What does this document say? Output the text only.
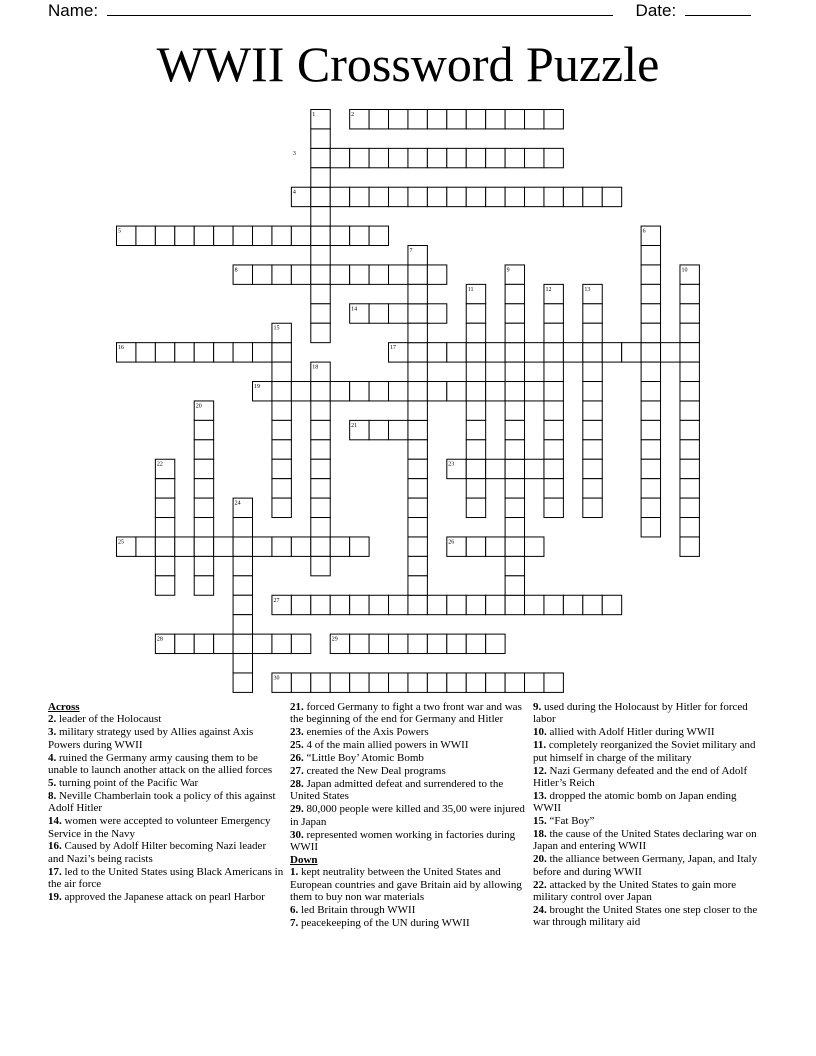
Name:	Date:
WWII Crossword Puzzle
1	2
3
4
5	6
7
8	9	10
11	12	13
14
15
16	17
18
19
20
21
22	23
24
25	26
27
28	29
30
Across
2. leader of the Holocaust
3. military strategy used by Allies against Axis Powers during WWII
4. ruined the Germany army causing them to be unable to launch another attack on the allied forces
5. turning point of the Pacific War
8. Neville Chamberlain took a policy of this against Adolf Hitler
14. women were accepted to volunteer Emergency Service in the Navy
16. Caused by Adolf Hilter becoming Nazi leader and Nazi’s being racists
17. led to the United States using Black Americans in the air force
19. approved the Japanese attack on pearl Harbor
21. forced Germany to fight a two front war and was the beginning of the end for Germany and Hitler
23. enemies of the Axis Powers
25. 4 of the main allied powers in WWII
26. “Little Boy’ Atomic Bomb
27. created the New Deal programs
28. Japan admitted defeat and surrendered to the United States
29. 80,000 people were killed and 35,00 were injured in Japan
30. represented women working in factories during WWII
Down
1. kept neutrality between the United States and European countries and gave Britain aid by allowing them to buy non war materials
6. led Britain through WWII
7. peacekeeping of the UN during WWII
9. used during the Holocaust by Hitler for forced labor
10. allied with Adolf Hitler during WWII
11. completely reorganized the Soviet military and put himself in charge of the military
12. Nazi Germany defeated and the end of Adolf Hitler’s Reich
13. dropped the atomic bomb on Japan ending WWII
15. “Fat Boy”
18. the cause of the United States declaring war on Japan and entering WWII
20. the alliance between Germany, Japan, and Italy before and during WWII
22. attacked by the United States to gain more military control over Japan
24. brought the United States one step closer to the war through military aid
